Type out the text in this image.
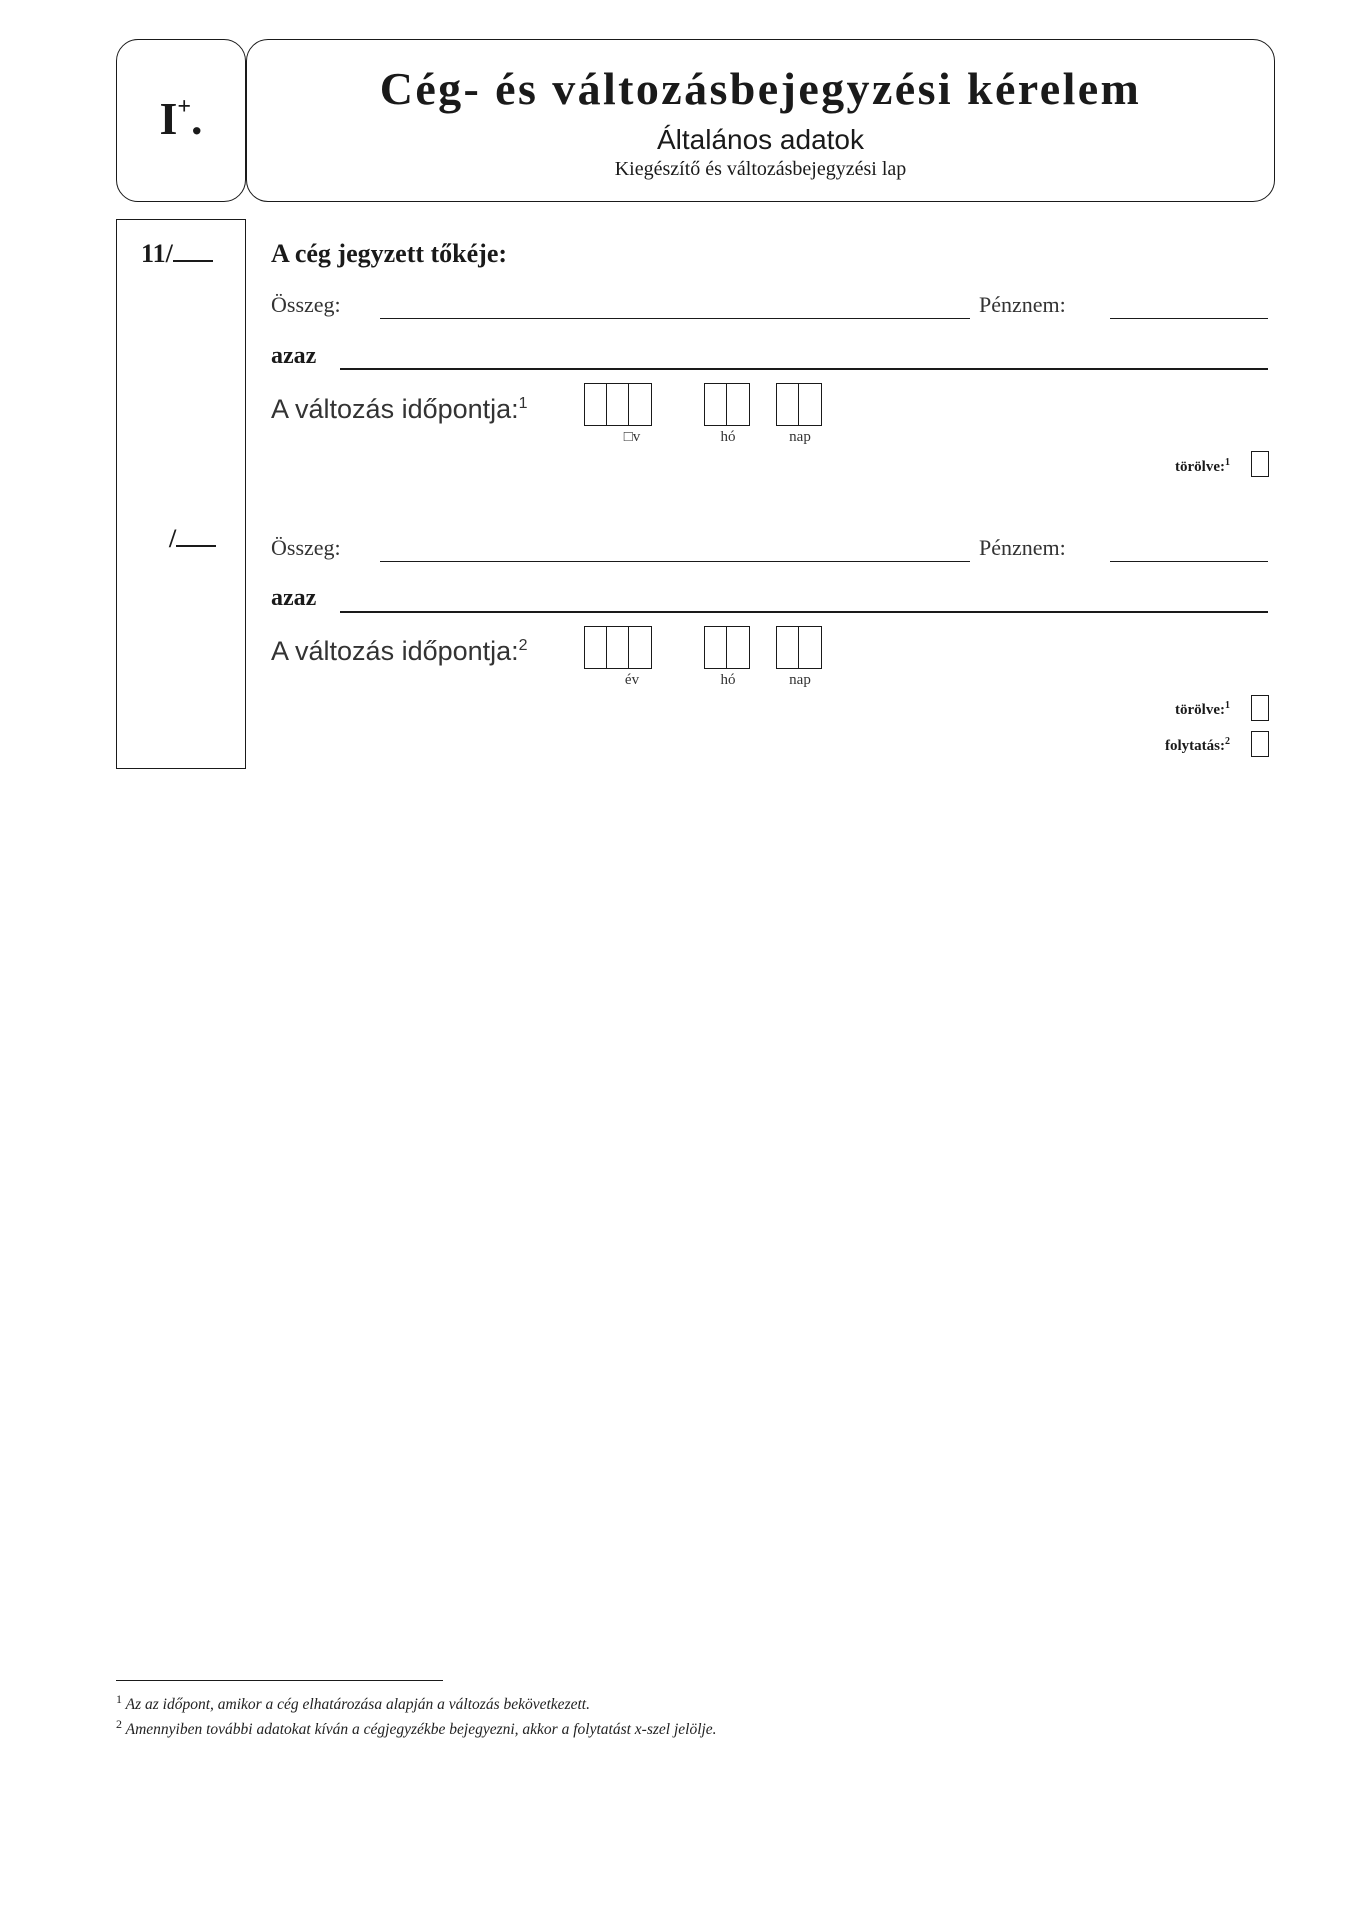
I+.
Cég- és változásbejegyzési kérelem
Általános adatok
Kiegészítő és változásbejegyzési lap
11/	A cég jegyzett tőkéje:
Összeg:	Pénznem:
azaz
A változás időpontja:$^1$
□v	hó	nap
törölve:$^1$
/	Összeg:	Pénznem:
azaz
A változás időpontja:$^2$
év	hó	nap
törölve:$^1$
folytatás:$^2$
$^1$ Az az időpont, amikor a cég elhatározása alapján a változás bekövetkezett.
$^2$ Amennyiben további adatokat kíván a cégjegyzékbe bejegyezni, akkor a folytatást x-szel jelölje.
